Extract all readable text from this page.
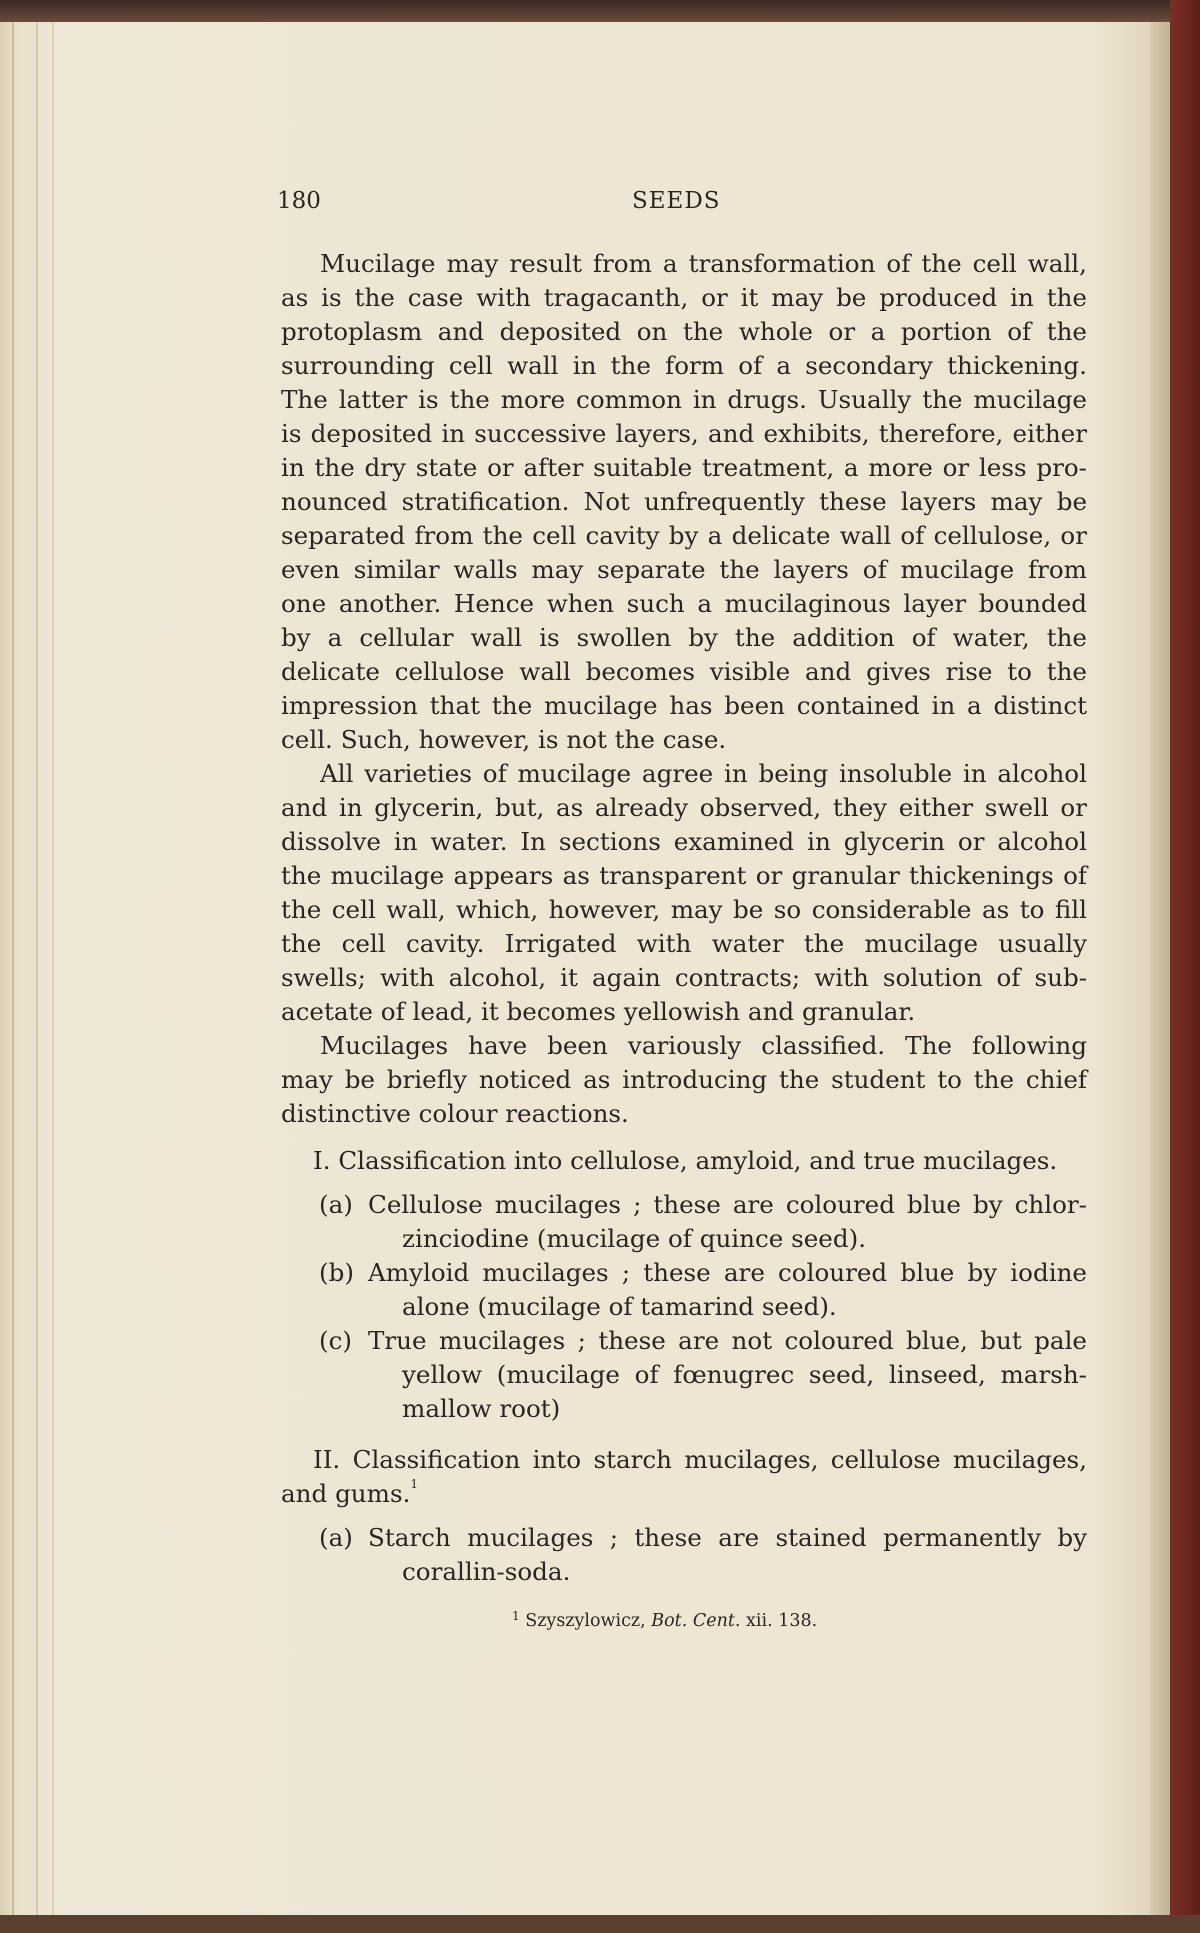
180	SEEDS
Mucilage may result from a transformation of the cell wall,
as is the case with tragacanth, or it may be produced in the
protoplasm and deposited on the whole or a portion of the
surrounding cell wall in the form of a secondary thickening.
The latter is the more common in drugs. Usually the mucilage
is deposited in successive layers, and exhibits, therefore, either
in the dry state or after suitable treatment, a more or less pro-
nounced stratification. Not unfrequently these layers may be
separated from the cell cavity by a delicate wall of cellulose, or
even similar walls may separate the layers of mucilage from
one another. Hence when such a mucilaginous layer bounded
by a cellular wall is swollen by the addition of water, the
delicate cellulose wall becomes visible and gives rise to the
impression that the mucilage has been contained in a distinct
cell. Such, however, is not the case.
All varieties of mucilage agree in being insoluble in alcohol
and in glycerin, but, as already observed, they either swell or
dissolve in water. In sections examined in glycerin or alcohol
the mucilage appears as transparent or granular thickenings of
the cell wall, which, however, may be so considerable as to fill
the cell cavity. Irrigated with water the mucilage usually
swells; with alcohol, it again contracts; with solution of sub-
acetate of lead, it becomes yellowish and granular.
Mucilages have been variously classified. The following
may be briefly noticed as introducing the student to the chief
distinctive colour reactions.
I. Classification into cellulose, amyloid, and true mucilages.
(a) Cellulose mucilages ; these are coloured blue by chlor-
zinciodine (mucilage of quince seed).
(b) Amyloid mucilages ; these are coloured blue by iodine
alone (mucilage of tamarind seed).
(c) True mucilages ; these are not coloured blue, but pale
yellow (mucilage of fœnugrec seed, linseed, marsh-
mallow root)
II. Classification into starch mucilages, cellulose mucilages,
and gums.$^1$
(a) Starch mucilages ; these are stained permanently by
corallin-soda.
$^1$ Szyszylowicz, Bot. Cent. xii. 138.
